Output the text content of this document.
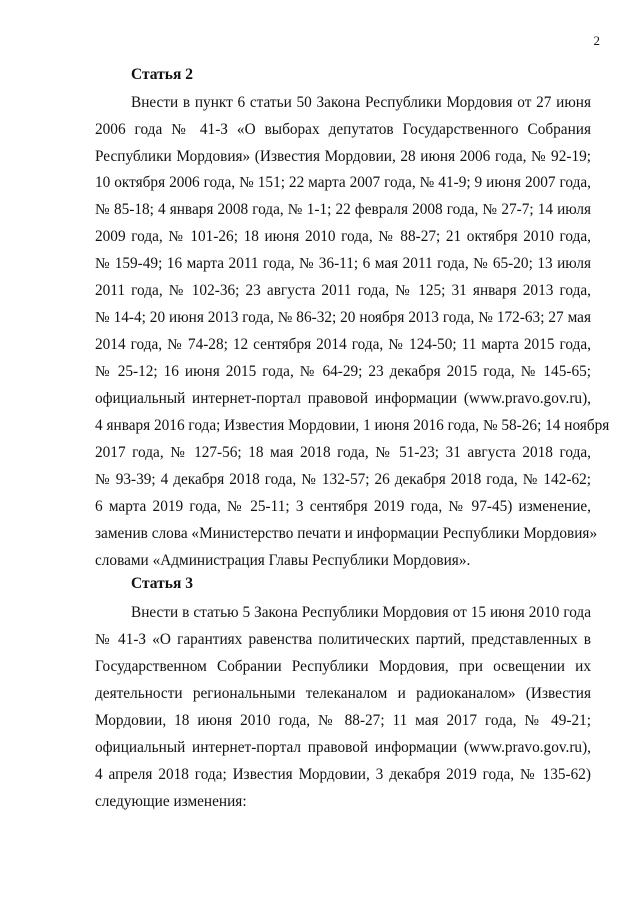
2
Статья 2
Внести в пункт 6 статьи 50 Закона Республики Мордовия от 27 июня
2006 года № 41-З «О выборах депутатов Государственного Собрания
Республики Мордовия» (Известия Мордовии, 28 июня 2006 года, № 92-19;
10 октября 2006 года, № 151; 22 марта 2007 года, № 41-9; 9 июня 2007 года,
№ 85-18; 4 января 2008 года, № 1-1; 22 февраля 2008 года, № 27-7; 14 июля
2009 года, № 101-26; 18 июня 2010 года, № 88-27; 21 октября 2010 года,
№ 159-49; 16 марта 2011 года, № 36-11; 6 мая 2011 года, № 65-20; 13 июля
2011 года, № 102-36; 23 августа 2011 года, № 125; 31 января 2013 года,
№ 14-4; 20 июня 2013 года, № 86-32; 20 ноября 2013 года, № 172-63; 27 мая
2014 года, № 74-28; 12 сентября 2014 года, № 124-50; 11 марта 2015 года,
№ 25-12; 16 июня 2015 года, № 64-29; 23 декабря 2015 года, № 145-65;
официальный интернет-портал правовой информации (www.pravo.gov.ru),
4 января 2016 года; Известия Мордовии, 1 июня 2016 года, № 58-26; 14 ноября
2017 года, № 127-56; 18 мая 2018 года, № 51-23; 31 августа 2018 года,
№ 93-39; 4 декабря 2018 года, № 132-57; 26 декабря 2018 года, № 142-62;
6 марта 2019 года, № 25-11; 3 сентября 2019 года, № 97-45) изменение,
заменив слова «Министерство печати и информации Республики Мордовия»
словами «Администрация Главы Республики Мордовия».
Статья 3
Внести в статью 5 Закона Республики Мордовия от 15 июня 2010 года
№ 41-З «О гарантиях равенства политических партий, представленных в
Государственном Собрании Республики Мордовия, при освещении их
деятельности региональными телеканалом и радиоканалом» (Известия
Мордовии, 18 июня 2010 года, № 88-27; 11 мая 2017 года, № 49-21;
официальный интернет-портал правовой информации (www.pravo.gov.ru),
4 апреля 2018 года; Известия Мордовии, 3 декабря 2019 года, № 135-62)
следующие изменения:
